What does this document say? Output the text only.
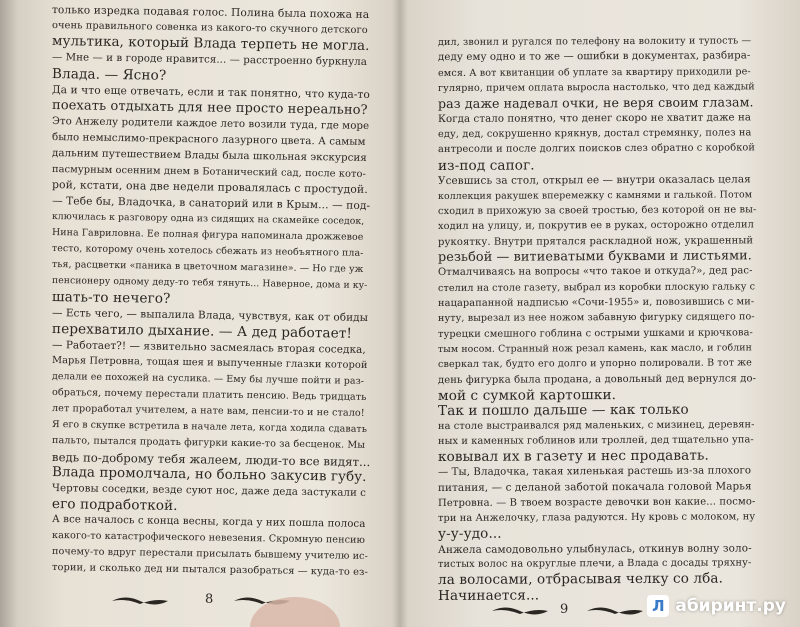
8
только изредка подавая голос. Полина была похожа на
очень правильного совенка из какого-то скучного детского
мультика, который Влада терпеть не могла.
— Мне — и в городе нравится... — расстроенно буркнула
Влада. — Ясно?
Да и что еще отвечать, если и так понятно, что куда-то
поехать отдыхать для нее просто нереально?
Это Анжелу родители каждое лето возили туда, где море
было немыслимо-прекрасного лазурного цвета. А самым
дальним путешествием Влады была школьная экскурсия
пасмурным осенним днем в Ботанический сад, после кото-
рой, кстати, она две недели провалялась с простудой.
— Тебе бы, Владочка, в санаторий или в Крым... — под-
ключилась к разговору одна из сидящих на скамейке соседок,
Нина Гавриловна. Ее полная фигура напоминала дрожжевое
тесто, которому очень хотелось сбежать из необъятного пла-
тья, расцветки «паника в цветочном магазине». — Но где уж
пенсионеру одному деду-то тебя тянуть... Наверное, дома и ку-
шать-то нечего?
— Есть чего, — выпалила Влада, чувствуя, как от обиды
перехватило дыхание. — А дед работает!
— Работает?! — язвительно засмеялась вторая соседка,
Марья Петровна, тощая шея и выпученные глазки которой
делали ее похожей на суслика. — Ему бы лучше пойти и раз-
обраться, почему перестали платить пенсию. Ведь тридцать
лет проработал учителем, а нате вам, пенсии-то и не стало!
Я его в скупке встретила в начале лета, когда ходила сдавать
пальто, пытался продать фигурки какие-то за бесценок. Мы
ведь по-доброму тебя жалеем, люди-то все видят...
Влада промолчала, но больно закусив губу.
Чертовы соседки, везде суют нос, даже деда застукали с
его подработкой.
А все началось с конца весны, когда у них пошла полоса
какого-то катастрофического невезения. Скромную пенсию
почему-то вдруг перестали присылать бывшему учителю ис-
тории, и сколько дед ни пытался разобраться — куда-то ез-
9
дил, звонил и ругался по телефону на волокиту и тупость —
деду ему одно и то же — ошибки в документах, разбира-
емся. А вот квитанции об уплате за квартиру приходили ре-
гулярно, причем оплата выросла настолько, что дед каждый
раз даже надевал очки, не веря своим глазам.
Когда стало понятно, что денег скоро не хватит даже на
еду, дед, сокрушенно крякнув, достал стремянку, полез на
антресоли и после долгих поисков слез обратно с коробкой
из-под сапог.
Усевшись за стол, открыл ее — внутри оказалась целая
коллекция ракушек вперемежку с камнями и галькой. Потом
сходил в прихожую за своей тростью, без которой он не вы-
ходил на улицу, и, покрутив ее в руках, осторожно отделил
рукоятку. Внутри прятался раскладной нож, украшенный
резьбой — витиеватыми буквами и листьями.
Отмалчиваясь на вопросы «что такое и откуда?», дед рас-
стелил на столе газету, выбрал из коробки плоскую гальку с
нацарапанной надписью «Сочи-1955» и, повозившись с ми-
нуту, вырезал из нее ножом забавную фигурку сидящего по-
турецки смешного гоблина с острыми ушками и крючкова-
тым носом. Странный нож резал камень, как масло, и гоблин
сверкал так, будто его долго и упорно полировали. В тот же
день фигурка была продана, а довольный дед вернулся до-
мой с сумкой картошки.
Так и пошло дальше — как только
на столе выстраивался ряд маленьких, с мизинец, деревян-
ных и каменных гоблинов или троллей, дед тщательно упа-
ковывал их в газету и нес продавать.
— Ты, Владочка, такая хиленькая растешь из-за плохого
питания, — с деланой заботой покачала головой Марья
Петровна. — В твоем возрасте девочки вон какие... посмо-
три на Анжелочку, глаза радуются. Ну кровь с молоком, ну
у-у-удо...
Анжела самодовольно улыбнулась, откинув волну золо-
тистых волос на округлые плечи, а Влада с досады тряхну-
ла волосами, отбрасывая челку со лба.
Начинается...
Л абиринт.ру
